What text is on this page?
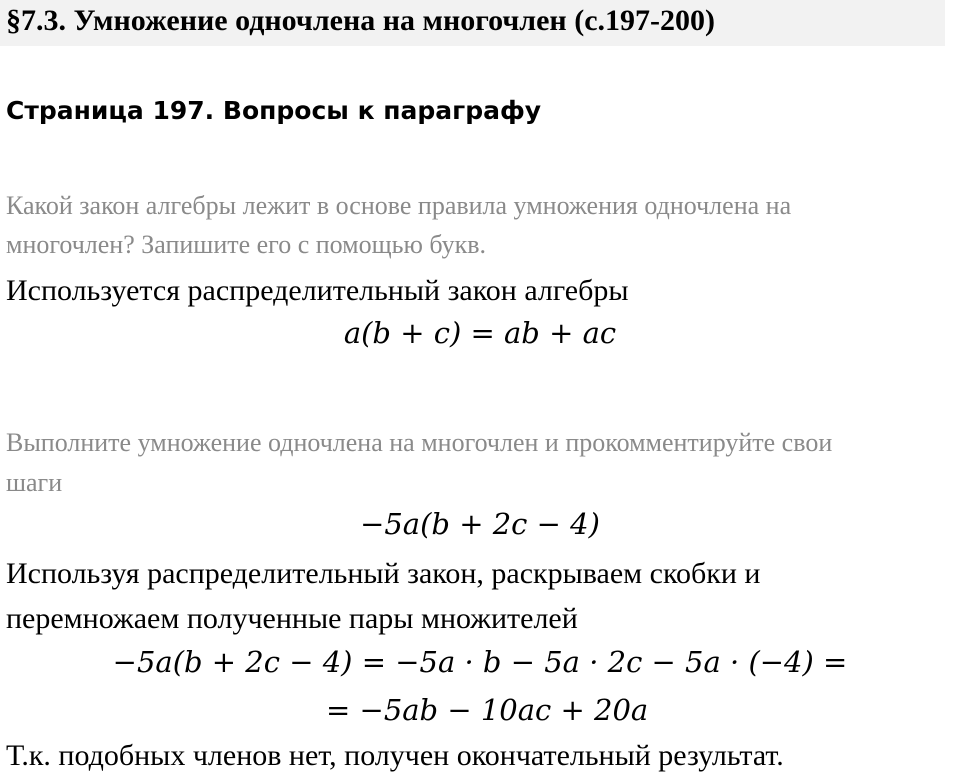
§7.3. Умножение одночлена на многочлен (с.197-200)
Страница 197. Вопросы к параграфу
Какой закон алгебры лежит в основе правила умножения одночлена на
многочлен? Запишите его с помощью букв.
Используется распределительный закон алгебры
a(b + c) = ab + ac
Выполните умножение одночлена на многочлен и прокомментируйте свои
шаги
−5a(b + 2c − 4)
Используя распределительный закон, раскрываем скобки и
перемножаем полученные пары множителей
−5a(b + 2c − 4) = −5a · b − 5a · 2c − 5a · (−4) =
= −5ab − 10ac + 20a
Т.к. подобных членов нет, получен окончательный результат.
